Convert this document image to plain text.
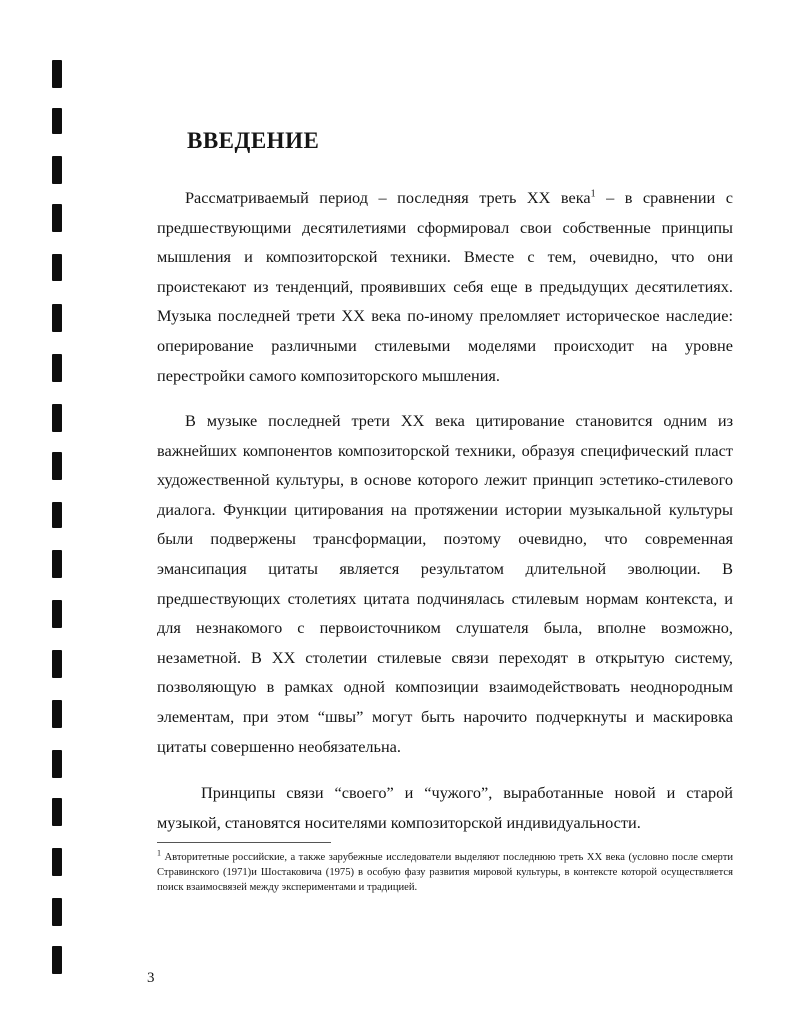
ВВЕДЕНИЕ

Рассматриваемый период – последняя треть XX века$^1$ – в сравнении с предшествующими десятилетиями сформировал свои собственные принципы мышления и композиторской техники. Вместе с тем, очевидно, что они проистекают из тенденций, проявивших себя еще в предыдущих десятилетиях. Музыка последней трети XX века по-иному преломляет историческое наследие: оперирование различными стилевыми моделями происходит на уровне перестройки самого композиторского мышления.

В музыке последней трети XX века цитирование становится одним из важнейших компонентов композиторской техники, образуя специфический пласт художественной культуры, в основе которого лежит принцип эстетико-стилевого диалога. Функции цитирования на протяжении истории музыкальной культуры были подвержены трансформации, поэтому очевидно, что современная эмансипация цитаты является результатом длительной эволюции. В предшествующих столетиях цитата подчинялась стилевым нормам контекста, и для незнакомого с первоисточником слушателя была, вполне возможно, незаметной. В XX столетии стилевые связи переходят в открытую систему, позволяющую в рамках одной композиции взаимодействовать неоднородным элементам, при этом “швы” могут быть нарочито подчеркнуты и маскировка цитаты совершенно необязательна.

Принципы связи “своего” и “чужого”, выработанные новой и старой музыкой, становятся носителями композиторской индивидуальности.

$^1$ Авторитетные российские, а также зарубежные исследователи выделяют последнюю треть XX века (условно после смерти Стравинского (1971)и Шостаковича (1975) в особую фазу развития мировой культуры, в контексте которой осуществляется поиск взаимосвязей между экспериментами и традицией.

3
